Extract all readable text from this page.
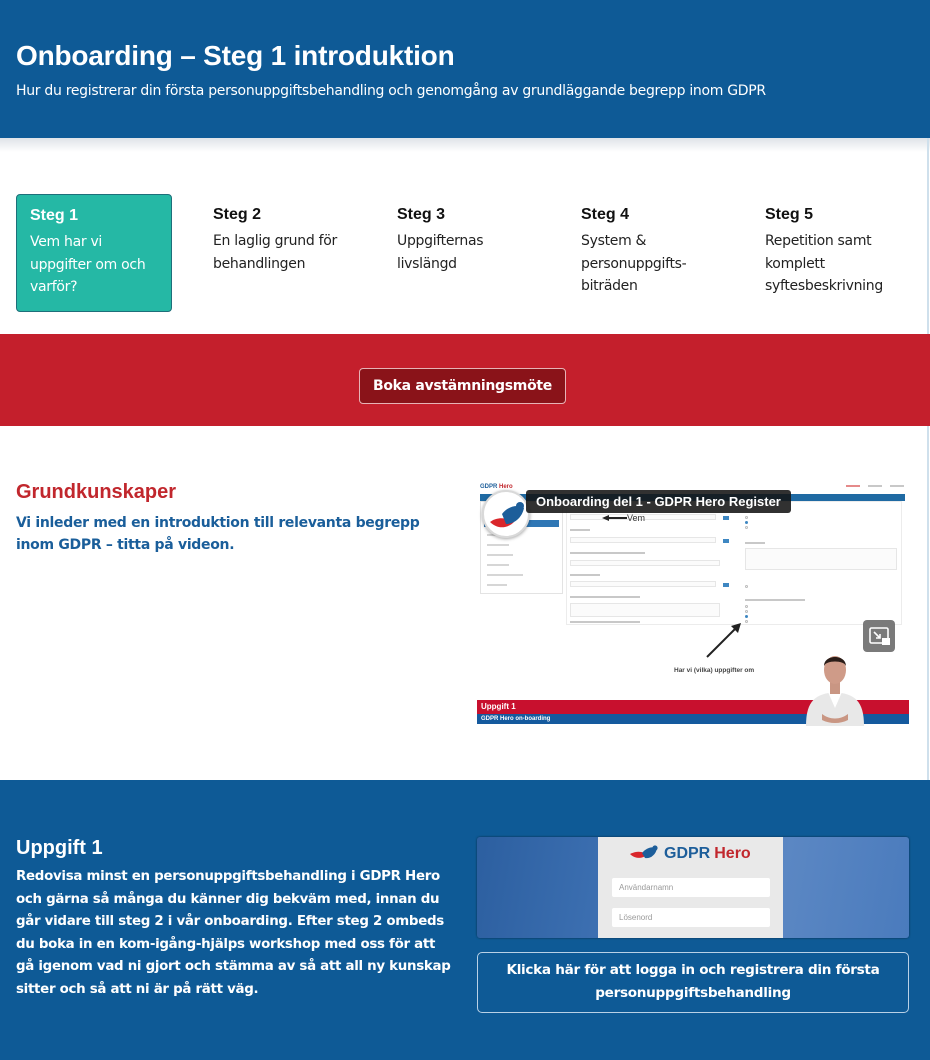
Onboarding – Steg 1 introduktion

Hur du registrerar din första personuppgiftsbehandling och genomgång av grundläggande begrepp inom GDPR

Steg 1
Vem har vi uppgifter om och varför?
Steg 2
En laglig grund för behandlingen
Steg 3
Uppgifternas livslängd
Steg 4
System & personuppgifts-biträden
Steg 5
Repetition samt komplett syftesbeskrivning
Boka avstämningsmöte
Grundkunskaper
Vi inleder med en introduktion till relevanta begrepp inom GDPR – titta på videon.
GDPR Hero
Vem
Har vi (vilka) uppgifter om
Onboarding del 1 - GDPR Hero Register
Uppgift 1
GDPR Hero on-boarding
Uppgift 1
Redovisa minst en personuppgiftsbehandling i GDPR Hero och gärna så många du känner dig bekväm med, innan du går vidare till steg 2 i vår onboarding. Efter steg 2 ombeds du boka in en kom-igång-hjälps workshop med oss för att gå igenom vad ni gjort och stämma av så att all ny kunskap sitter och så att ni är på rätt väg.
GDPR Hero
Användarnamn
Lösenord
Klicka här för att logga in och registrera din första personuppgiftsbehandling
